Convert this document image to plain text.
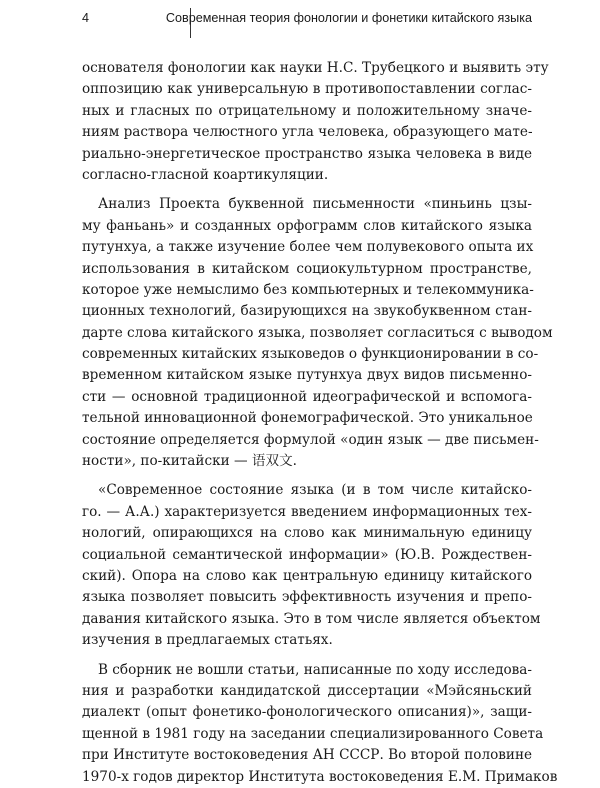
4	Современная теория фонологии и фонетики китайского языка
основателя фонологии как науки Н.С. Трубецкого и выявить эту
оппозицию как универсальную в противопоставлении соглас-
ных и гласных по отрицательному и положительному значе-
ниям раствора челюстного угла человека, образующего мате-
риально-энергетическое пространство языка человека в виде
согласно-гласной коартикуляции.
Анализ Проекта буквенной письменности «пиньинь цзы-
му фаньань» и созданных орфограмм слов китайского языка
путунхуа, а также изучение более чем полувекового опыта их
использования в китайском социокультурном пространстве,
которое уже немыслимо без компьютерных и телекоммуника-
ционных технологий, базирующихся на звукобуквенном стан-
дарте слова китайского языка, позволяет согласиться с выводом
современных китайских языковедов о функционировании в со-
временном китайском языке путунхуа двух видов письменно-
сти — основной традиционной идеографической и вспомога-
тельной инновационной фонемографической. Это уникальное
состояние определяется формулой «один язык — две письмен-
ности», по-китайски — 语双文.
«Современное состояние языка (и в том числе китайско-
го. — А.А.) характеризуется введением информационных тех-
нологий, опирающихся на слово как минимальную единицу
социальной семантической информации» (Ю.В. Рождествен-
ский). Опора на слово как центральную единицу китайского
языка позволяет повысить эффективность изучения и препо-
давания китайского языка. Это в том числе является объектом
изучения в предлагаемых статьях.
В сборник не вошли статьи, написанные по ходу исследова-
ния и разработки кандидатской диссертации «Мэйсяньский
диалект (опыт фонетико-фонологического описания)», защи-
щенной в 1981 году на заседании специализированного Совета
при Институте востоковедения АН СССР. Во второй половине
1970-х годов директор Института востоковедения Е.М. Примаков
